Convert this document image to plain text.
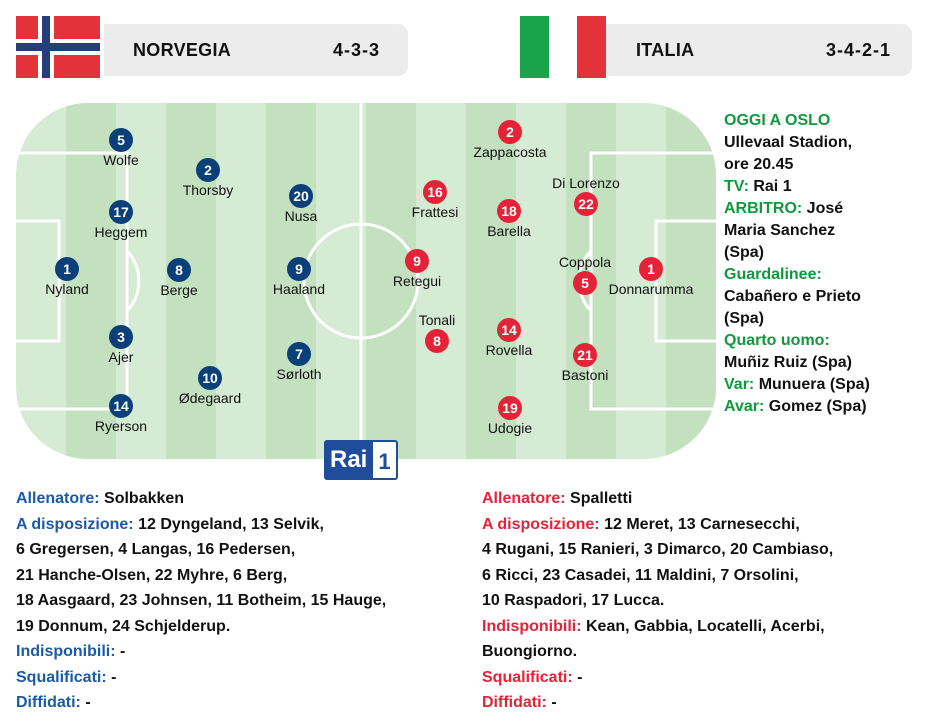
NORVEGIA	4-3-3	ITALIA	3-4-2-1
5
Wolfe
2
Thorsby
17
Heggem
20
Nusa
1
Nyland
8
Berge
9
Haaland
3
Ajer	7
Sørloth
10
Ødegaard
14
Ryerson
2
Zappacosta
16
Frattesi	18
Barella
Di Lorenzo
22
9
Retegui
Coppola
5
1
Donnarumma
Tonali
8
14
Rovella	21
Bastoni
19
Udogie
Rai 1
OGGI A OSLO
Ullevaal Stadion,
ore 20.45
TV: Rai 1
ARBITRO: José
Maria Sanchez
(Spa)
Guardalinee:
Cabañero e Prieto
(Spa)
Quarto uomo:
Muñiz Ruiz (Spa)
Var: Munuera (Spa)
Avar: Gomez (Spa)
Allenatore: Solbakken
A disposizione: 12 Dyngeland, 13 Selvik,
6 Gregersen, 4 Langas, 16 Pedersen,
21 Hanche-Olsen, 22 Myhre, 6 Berg,
18 Aasgaard, 23 Johnsen, 11 Botheim, 15 Hauge,
19 Donnum, 24 Schjelderup.
Indisponibili: -
Squalificati: -
Diffidati: -
Allenatore: Spalletti
A disposizione: 12 Meret, 13 Carnesecchi,
4 Rugani, 15 Ranieri, 3 Dimarco, 20 Cambiaso,
6 Ricci, 23 Casadei, 11 Maldini, 7 Orsolini,
10 Raspadori, 17 Lucca.
Indisponibili: Kean, Gabbia, Locatelli, Acerbi,
Buongiorno.
Squalificati: -
Diffidati: -
